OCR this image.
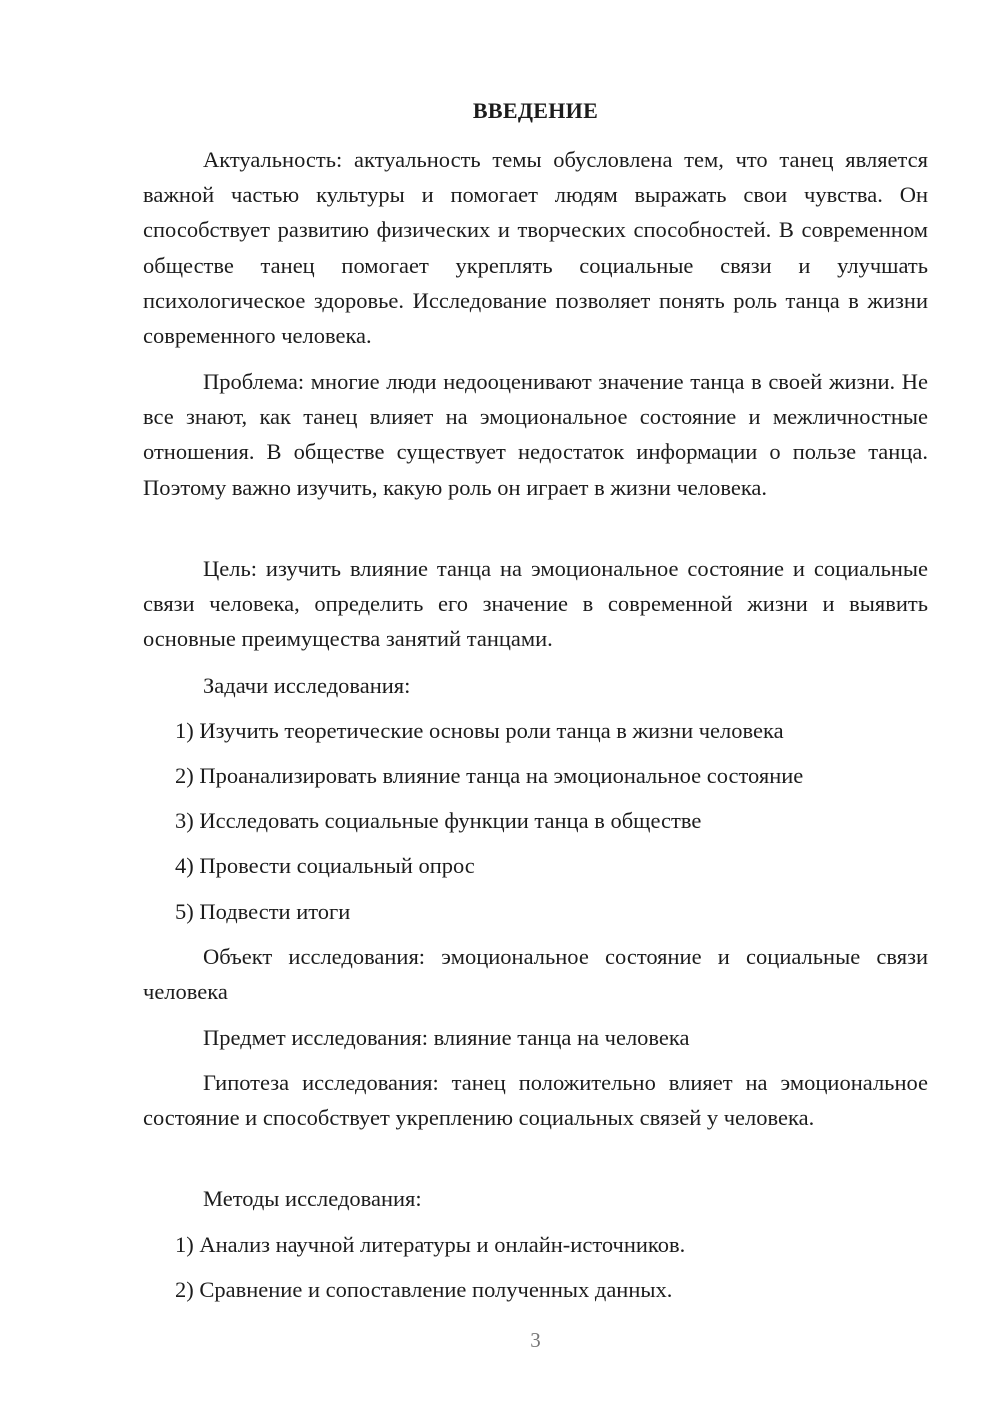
ВВЕДЕНИЕ

Актуальность: актуальность темы обусловлена тем, что танец является важной частью культуры и помогает людям выражать свои чувства. Он способствует развитию физических и творческих способностей. В современном обществе танец помогает укреплять социальные связи и улучшать психологическое здоровье. Исследование позволяет понять роль танца в жизни современного человека.

Проблема: многие люди недооценивают значение танца в своей жизни. Не все знают, как танец влияет на эмоциональное состояние и межличностные отношения. В обществе существует недостаток информации о пользе танца. Поэтому важно изучить, какую роль он играет в жизни человека.

Цель: изучить влияние танца на эмоциональное состояние и социальные связи человека, определить его значение в современной жизни и выявить основные преимущества занятий танцами.

Задачи исследования:

1) Изучить теоретические основы роли танца в жизни человека

2) Проанализировать влияние танца на эмоциональное состояние

3) Исследовать социальные функции танца в обществе

4) Провести социальный опрос

5) Подвести итоги

Объект исследования: эмоциональное состояние и социальные связи человека

Предмет исследования: влияние танца на человека

Гипотеза исследования: танец положительно влияет на эмоциональное состояние и способствует укреплению социальных связей у человека.

Методы исследования:

1) Анализ научной литературы и онлайн-источников.

2) Сравнение и сопоставление полученных данных.

3
